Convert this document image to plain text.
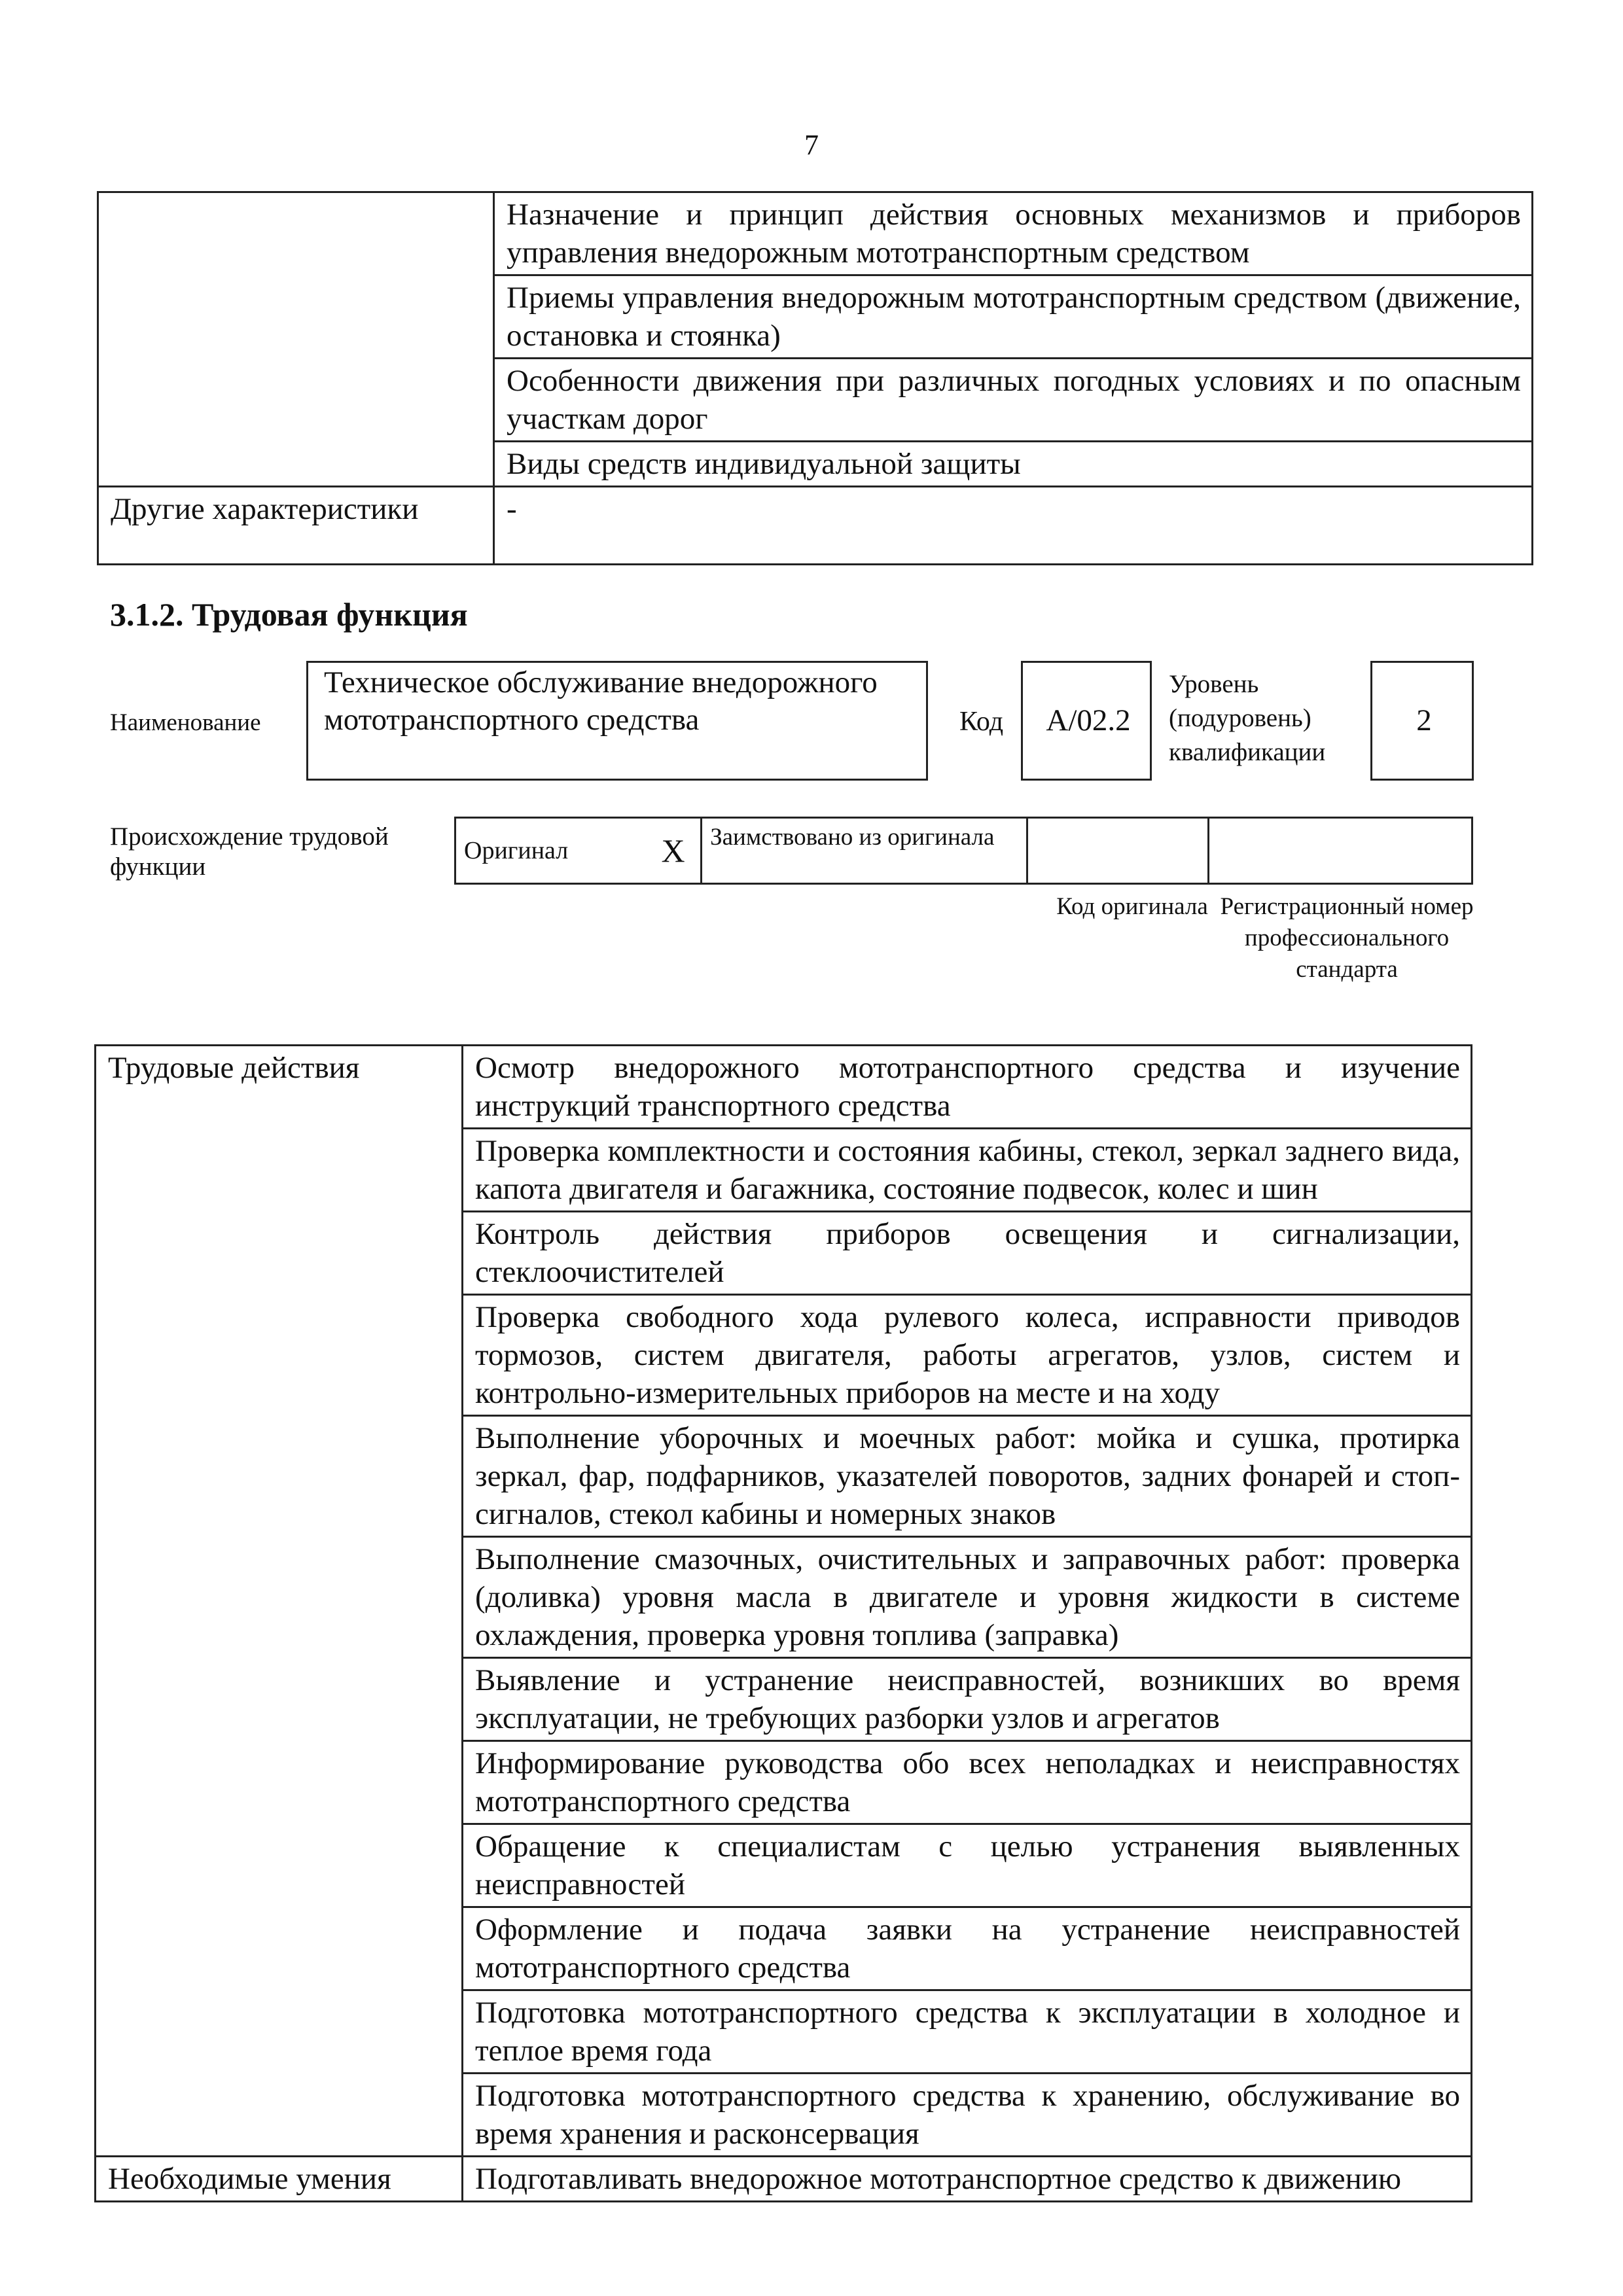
7
	Назначение и принцип действия основных механизмов и приборов управления внедорожным мототранспортным средством
	Приемы управления внедорожным мототранспортным средством (движение, остановка и стоянка)
	Особенности движения при различных погодных условиях и по опасным участкам дорог
	Виды средств индивидуальной защиты
Другие характеристики	-
3.1.2. Трудовая функция
Наименование
Техническое обслуживание внедорожного мототранспортного средства	Код	А/02.2
Уровень (подуровень) квалификации
2
Происхождение трудовой функции
Оригинал	X	Заимствовано из оригинала		
Код оригинала Регистрационный номер профессионального стандарта
Трудовые действия	Осмотр внедорожного мототранспортного средства и изучение инструкций транспортного средства
	Проверка комплектности и состояния кабины, стекол, зеркал заднего вида, капота двигателя и багажника, состояние подвесок, колес и шин
	Контроль действия приборов освещения и сигнализации, стеклоочистителей
	Проверка свободного хода рулевого колеса, исправности приводов тормозов, систем двигателя, работы агрегатов, узлов, систем и контрольно-измерительных приборов на месте и на ходу
	Выполнение уборочных и моечных работ: мойка и сушка, протирка зеркал, фар, подфарников, указателей поворотов, задних фонарей и стоп-сигналов, стекол кабины и номерных знаков
	Выполнение смазочных, очистительных и заправочных работ: проверка (доливка) уровня масла в двигателе и уровня жидкости в системе охлаждения, проверка уровня топлива (заправка)
	Выявление и устранение неисправностей, возникших во время эксплуатации, не требующих разборки узлов и агрегатов
	Информирование руководства обо всех неполадках и неисправностях мототранспортного средства
	Обращение к специалистам с целью устранения выявленных неисправностей
	Оформление и подача заявки на устранение неисправностей мототранспортного средства
	Подготовка мототранспортного средства к эксплуатации в холодное и теплое время года
	Подготовка мототранспортного средства к хранению, обслуживание во время хранения и расконсервация
Необходимые умения	Подготавливать внедорожное мототранспортное средство к движению
